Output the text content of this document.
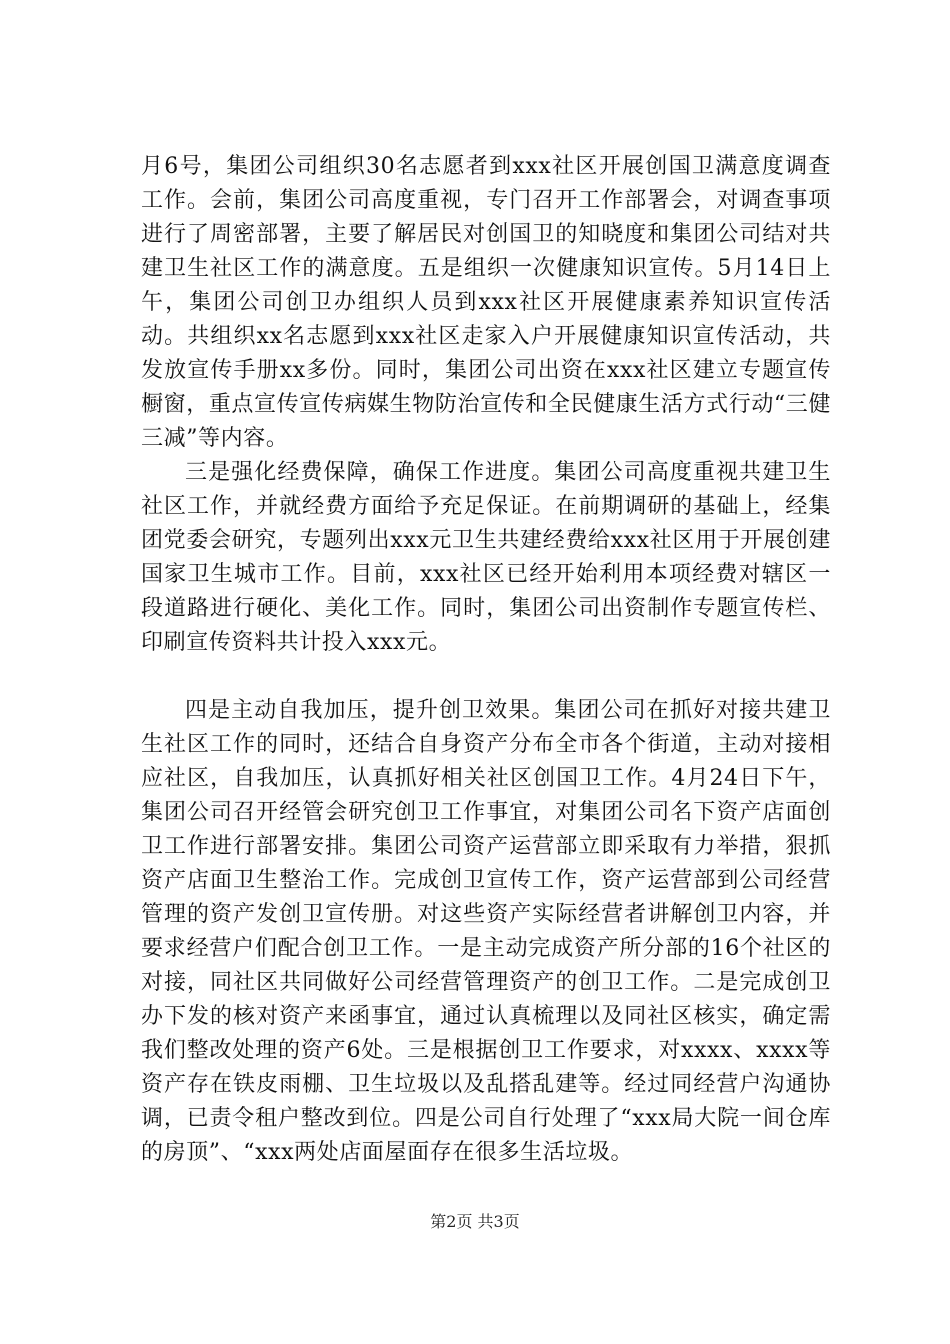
月6号，集团公司组织30名志愿者到xxx社区开展创国卫满意度调查工作。会前，集团公司高度重视，专门召开工作部署会，对调查事项进行了周密部署，主要了解居民对创国卫的知晓度和集团公司结对共建卫生社区工作的满意度。五是组织一次健康知识宣传。5月14日上午，集团公司创卫办组织人员到xxx社区开展健康素养知识宣传活动。共组织xx名志愿到xxx社区走家入户开展健康知识宣传活动，共发放宣传手册xx多份。同时，集团公司出资在xxx社区建立专题宣传橱窗，重点宣传宣传病媒生物防治宣传和全民健康生活方式行动“三健三减”等内容。

三是强化经费保障，确保工作进度。集团公司高度重视共建卫生社区工作，并就经费方面给予充足保证。在前期调研的基础上，经集团党委会研究，专题列出xxx元卫生共建经费给xxx社区用于开展创建国家卫生城市工作。目前，xxx社区已经开始利用本项经费对辖区一段道路进行硬化、美化工作。同时，集团公司出资制作专题宣传栏、印刷宣传资料共计投入xxx元。

四是主动自我加压，提升创卫效果。集团公司在抓好对接共建卫生社区工作的同时，还结合自身资产分布全市各个街道，主动对接相应社区，自我加压，认真抓好相关社区创国卫工作。4月24日下午，集团公司召开经管会研究创卫工作事宜，对集团公司名下资产店面创卫工作进行部署安排。集团公司资产运营部立即采取有力举措，狠抓资产店面卫生整治工作。完成创卫宣传工作，资产运营部到公司经营管理的资产发创卫宣传册。对这些资产实际经营者讲解创卫内容，并要求经营户们配合创卫工作。一是主动完成资产所分部的16个社区的对接，同社区共同做好公司经营管理资产的创卫工作。二是完成创卫办下发的核对资产来函事宜，通过认真梳理以及同社区核实，确定需我们整改处理的资产6处。三是根据创卫工作要求，对xxxx、xxxx等资产存在铁皮雨棚、卫生垃圾以及乱搭乱建等。经过同经营户沟通协调，已责令租户整改到位。四是公司自行处理了“xxx局大院一间仓库的房顶”、“xxx两处店面屋面存在很多生活垃圾。

第2页 共3页
